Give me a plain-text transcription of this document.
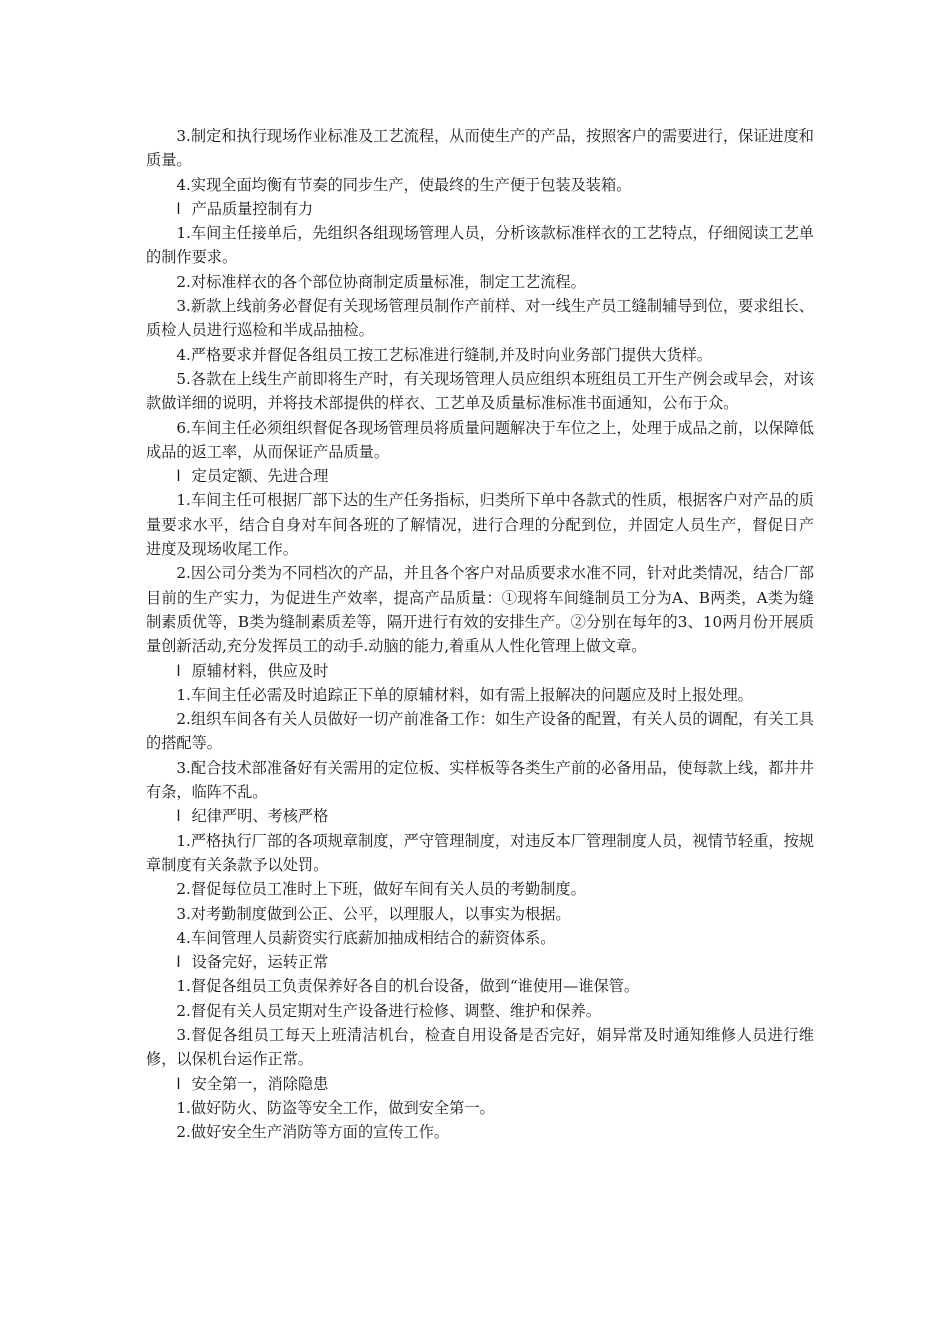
3.制定和执行现场作业标准及工艺流程，从而使生产的产品，按照客户的需要进行，保证进度和质量。

4.实现全面均衡有节奏的同步生产，使最终的生产便于包装及装箱。

l 产品质量控制有力

1.车间主任接单后，先组织各组现场管理人员，分析该款标准样衣的工艺特点，仔细阅读工艺单的制作要求。

2.对标准样衣的各个部位协商制定质量标准，制定工艺流程。

3.新款上线前务必督促有关现场管理员制作产前样、对一线生产员工缝制辅导到位，要求组长、质检人员进行巡检和半成品抽检。

4.严格要求并督促各组员工按工艺标准进行缝制,并及时向业务部门提供大货样。

5.各款在上线生产前即将生产时，有关现场管理人员应组织本班组员工开生产例会或早会，对该款做详细的说明，并将技术部提供的样衣、工艺单及质量标准标准书面通知，公布于众。

6.车间主任必须组织督促各现场管理员将质量问题解决于车位之上，处理于成品之前，以保障低成品的返工率，从而保证产品质量。

l 定员定额、先进合理

1.车间主任可根据厂部下达的生产任务指标，归类所下单中各款式的性质，根据客户对产品的质量要求水平，结合自身对车间各班的了解情况，进行合理的分配到位，并固定人员生产，督促日产进度及现场收尾工作。

2.因公司分类为不同档次的产品，并且各个客户对品质要求水准不同，针对此类情况，结合厂部目前的生产实力，为促进生产效率，提高产品质量：①现将车间缝制员工分为A、B两类，A类为缝制素质优等，B类为缝制素质差等，隔开进行有效的安排生产。②分别在每年的3、10两月份开展质量创新活动,充分发挥员工的动手.动脑的能力,着重从人性化管理上做文章。

l 原辅材料，供应及时

1.车间主任必需及时追踪正下单的原辅材料，如有需上报解决的问题应及时上报处理。

2.组织车间各有关人员做好一切产前准备工作：如生产设备的配置，有关人员的调配，有关工具的搭配等。

3.配合技术部准备好有关需用的定位板、实样板等各类生产前的必备用品，使每款上线，都井井有条，临阵不乱。

l 纪律严明、考核严格

1.严格执行厂部的各项规章制度，严守管理制度，对违反本厂管理制度人员，视情节轻重，按规章制度有关条款予以处罚。

2.督促每位员工准时上下班，做好车间有关人员的考勤制度。

3.对考勤制度做到公正、公平，以理服人，以事实为根据。

4.车间管理人员薪资实行底薪加抽成相结合的薪资体系。

l 设备完好，运转正常

1.督促各组员工负责保养好各自的机台设备，做到“谁使用—谁保管。

2.督促有关人员定期对生产设备进行检修、调整、维护和保养。

3.督促各组员工每天上班清洁机台，检查自用设备是否完好，娟异常及时通知维修人员进行维修，以保机台运作正常。

l 安全第一，消除隐患

1.做好防火、防盗等安全工作，做到安全第一。

2.做好安全生产消防等方面的宣传工作。
